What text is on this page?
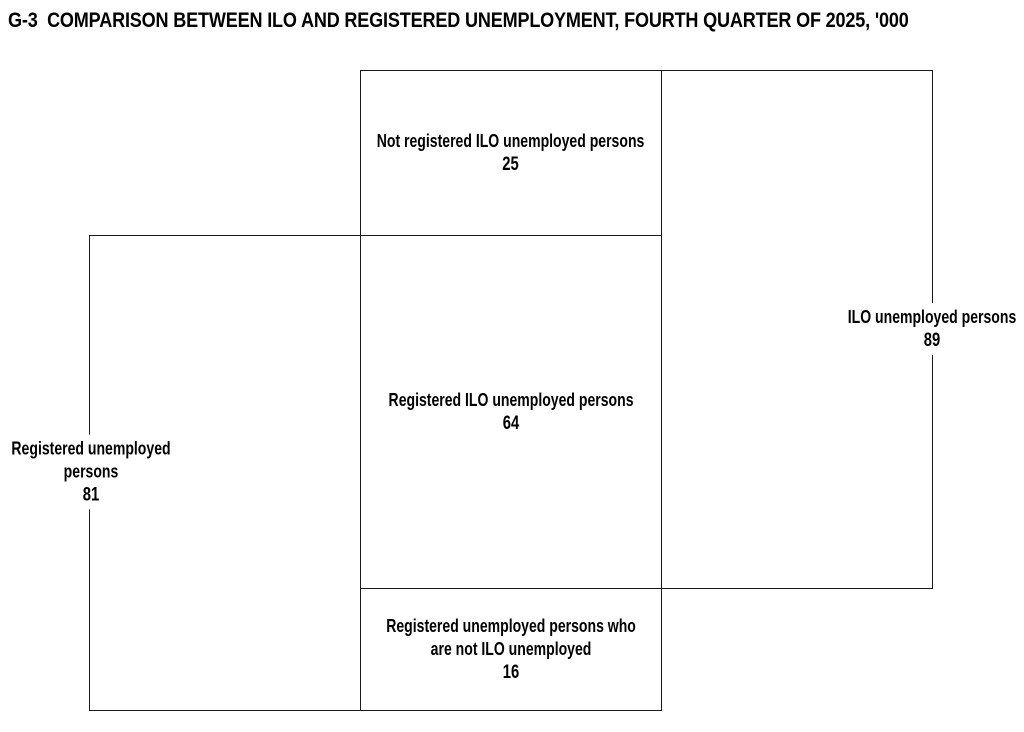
G-3 COMPARISON BETWEEN ILO AND REGISTERED UNEMPLOYMENT, FOURTH QUARTER OF 2025, '000
Not registered ILO unemployed persons
25
Registered ILO unemployed persons
64
Registered unemployed persons who
are not ILO unemployed
16
Registered unemployed
persons
81
ILO unemployed persons
89
